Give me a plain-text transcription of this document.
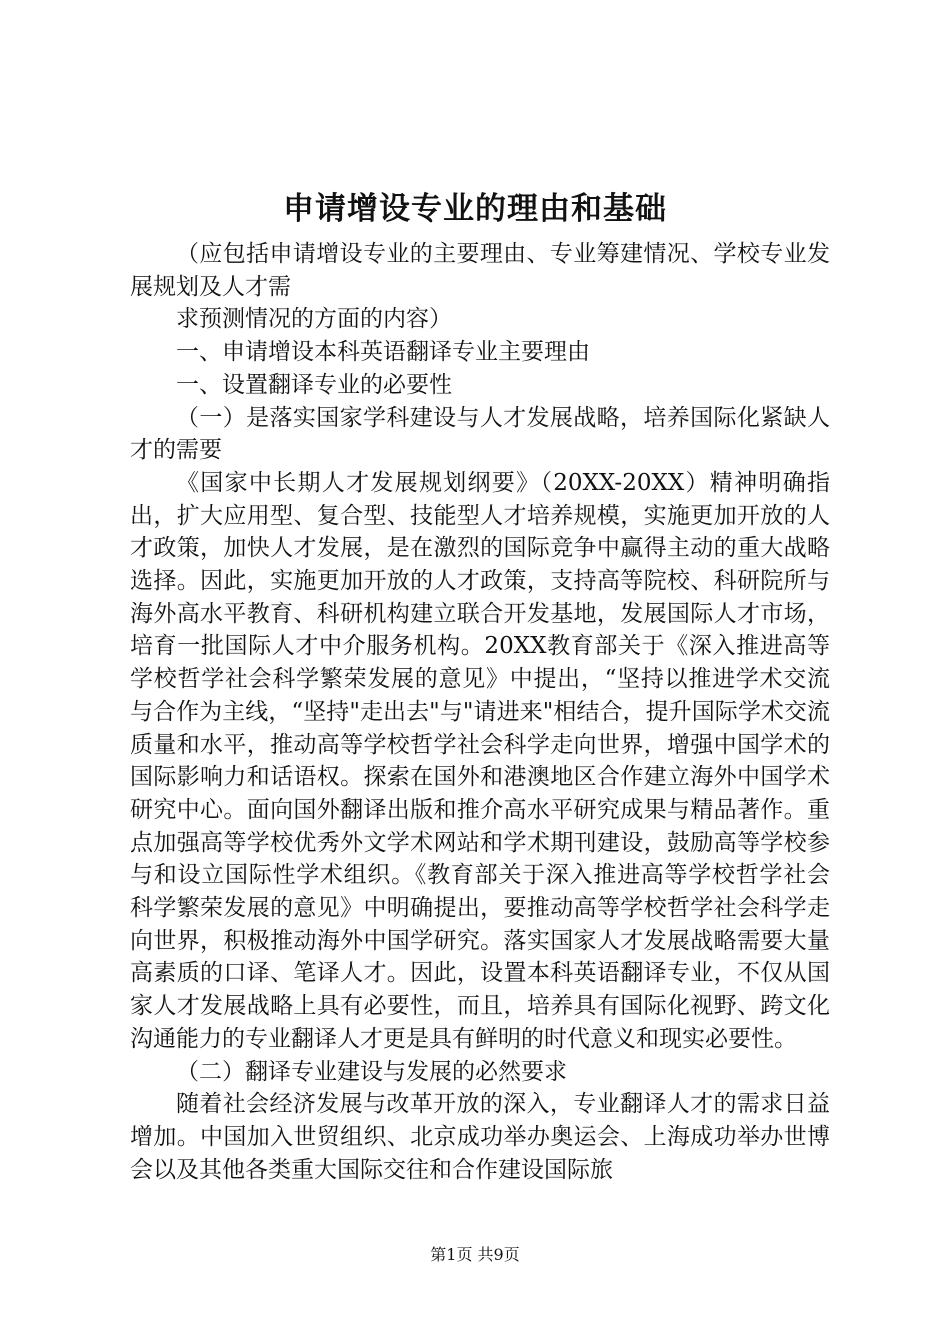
申请增设专业的理由和基础

（应包括申请增设专业的主要理由、专业筹建情况、学校专业发展规划及人才需

求预测情况的方面的内容）

一、申请增设本科英语翻译专业主要理由

一、设置翻译专业的必要性

（一）是落实国家学科建设与人才发展战略，培养国际化紧缺人才的需要

《国家中长期人才发展规划纲要》（20XX-20XX）精神明确指出，扩大应用型、复合型、技能型人才培养规模，实施更加开放的人才政策，加快人才发展，是在激烈的国际竞争中赢得主动的重大战略选择。因此，实施更加开放的人才政策，支持高等院校、科研院所与海外高水平教育、科研机构建立联合开发基地，发展国际人才市场，培育一批国际人才中介服务机构。20XX教育部关于《深入推进高等学校哲学社会科学繁荣发展的意见》中提出，“坚持以推进学术交流与合作为主线，“坚持"走出去"与"请进来"相结合，提升国际学术交流质量和水平，推动高等学校哲学社会科学走向世界，增强中国学术的国际影响力和话语权。探索在国外和港澳地区合作建立海外中国学术研究中心。面向国外翻译出版和推介高水平研究成果与精品著作。重点加强高等学校优秀外文学术网站和学术期刊建设，鼓励高等学校参与和设立国际性学术组织。《教育部关于深入推进高等学校哲学社会科学繁荣发展的意见》中明确提出，要推动高等学校哲学社会科学走向世界，积极推动海外中国学研究。落实国家人才发展战略需要大量高素质的口译、笔译人才。因此，设置本科英语翻译专业，不仅从国家人才发展战略上具有必要性，而且，培养具有国际化视野、跨文化沟通能力的专业翻译人才更是具有鲜明的时代意义和现实必要性。

（二）翻译专业建设与发展的必然要求

随着社会经济发展与改革开放的深入，专业翻译人才的需求日益增加。中国加入世贸组织、北京成功举办奥运会、上海成功举办世博会以及其他各类重大国际交往和合作建设国际旅

第1页 共9页
